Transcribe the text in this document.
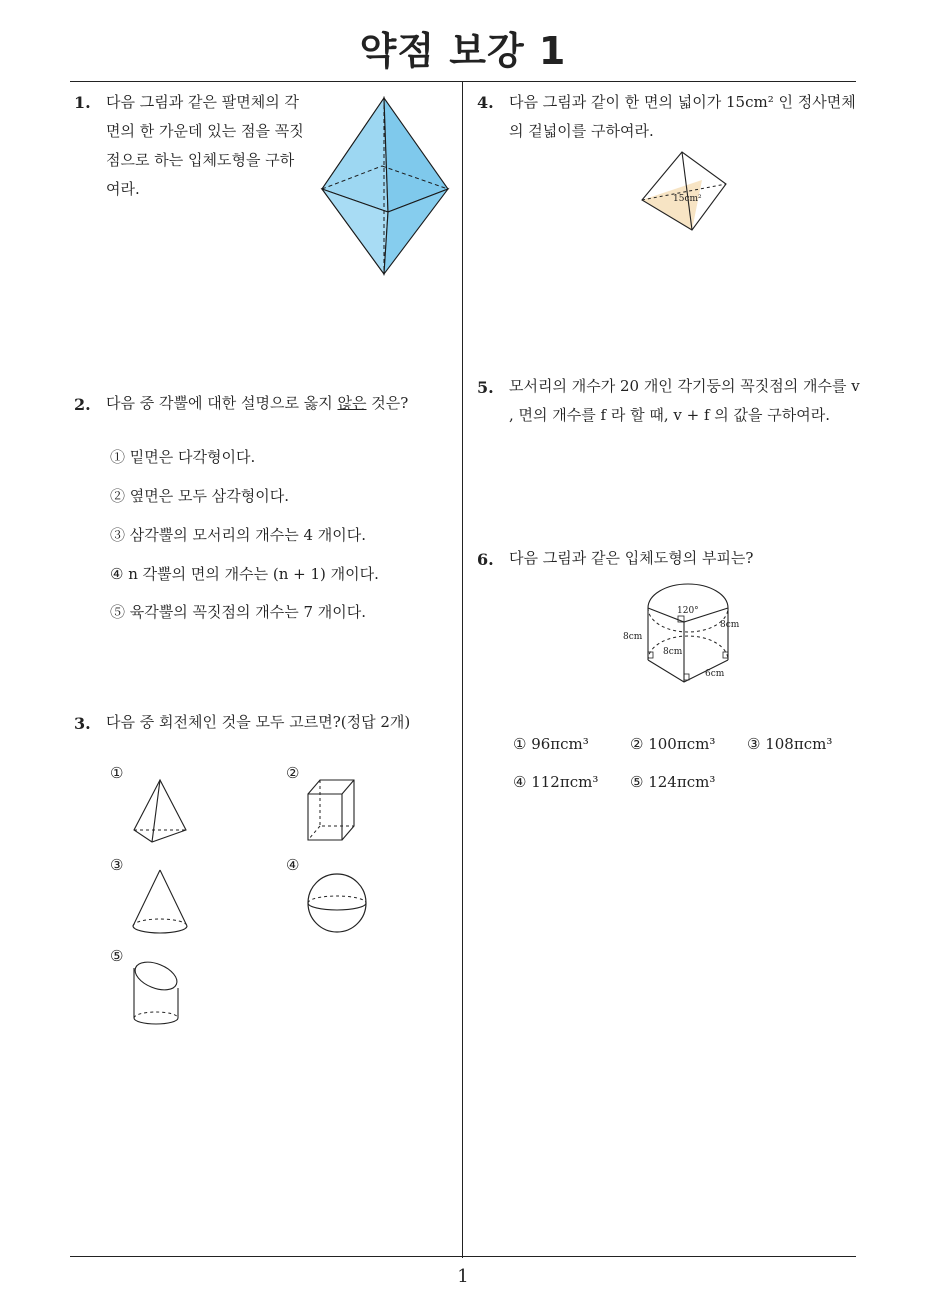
약점 보강 1
1
1. 다음 그림과 같은 팔면체의 각
면의 한 가운데 있는 점을 꼭짓
점으로 하는 입체도형을 구하
여라.
2. 다음 중 각뿔에 대한 설명으로 옳지 않은 것은?
① 밑면은 다각형이다.
② 옆면은 모두 삼각형이다.
③ 삼각뿔의 모서리의 개수는 4 개이다.
④ n 각뿔의 면의 개수는 (n + 1) 개이다.
⑤ 육각뿔의 꼭짓점의 개수는 7 개이다.
3. 다음 중 회전체인 것을 모두 고르면?(정답 2개)
①	②
③	④
⑤
4. 다음 그림과 같이 한 면의 넓이가 15cm² 인 정사면체
의 겉넓이를 구하여라.
15cm²
5. 모서리의 개수가 20 개인 각기둥의 꼭짓점의 개수를 v
, 면의 개수를 f 라 할 때, v + f 의 값을 구하여라.
6. 다음 그림과 같은 입체도형의 부피는?
120°
8cm
8cm
8cm
6cm
① 96πcm³	② 100πcm³ ③ 108πcm³
④ 112πcm³ ⑤ 124πcm³
